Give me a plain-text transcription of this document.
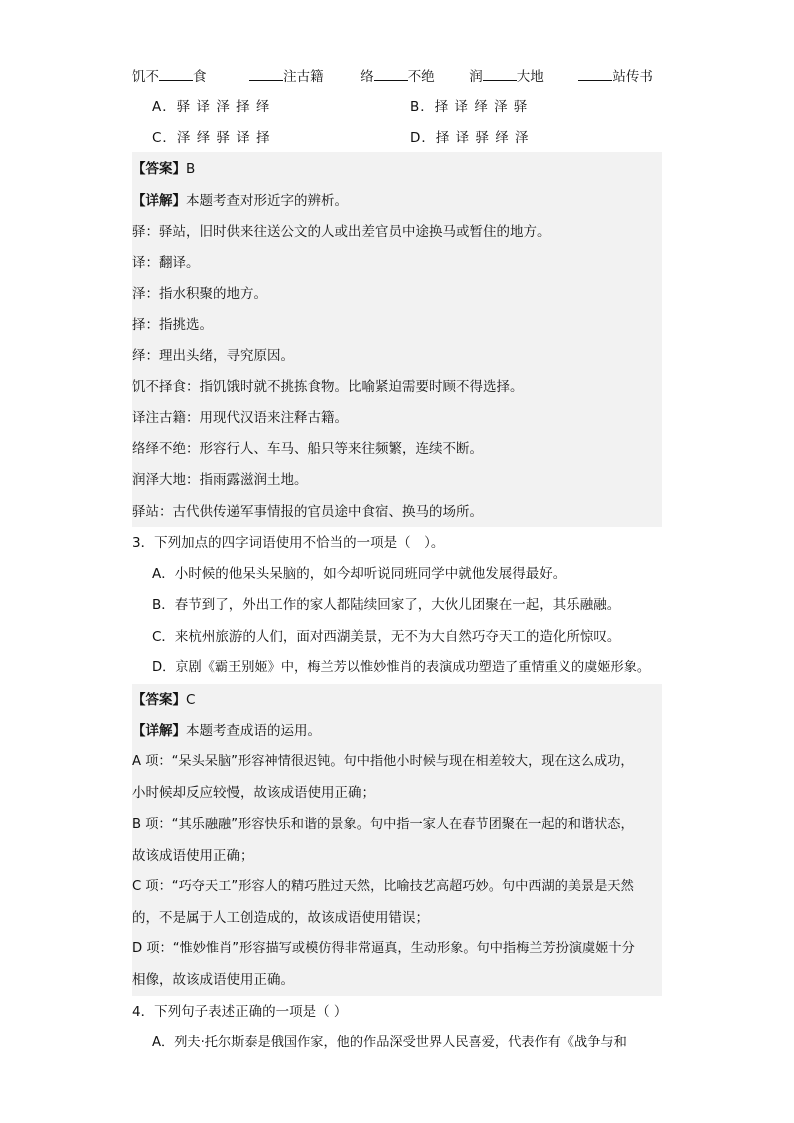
饥不	食	注古籍	络	不绝	润	大地	站传书
A．驿 译 泽 择 绎	B．择 译 绎 泽 驿
C．泽 绎 驿 译 择	D．择 译 驿 绎 泽
【答案】B
【详解】本题考查对形近字的辨析。
驿：驿站，旧时供来往送公文的人或出差官员中途换马或暂住的地方。
译：翻译。
泽：指水积聚的地方。
择：指挑选。
绎：理出头绪，寻究原因。
饥不择食：指饥饿时就不挑拣食物。比喻紧迫需要时顾不得选择。
译注古籍：用现代汉语来注释古籍。
络绎不绝：形容行人、车马、船只等来往频繁，连续不断。
润泽大地：指雨露滋润土地。
驿站：古代供传递军事情报的官员途中食宿、换马的场所。
3．下列加点的四字词语使用不恰当的一项是（　）。
A．小时候的他呆头呆脑的，如今却听说同班同学中就他发展得最好。
B．春节到了，外出工作的家人都陆续回家了，大伙儿团聚在一起，其乐融融。
C．来杭州旅游的人们，面对西湖美景，无不为大自然巧夺天工的造化所惊叹。
D．京剧《霸王别姬》中，梅兰芳以惟妙惟肖的表演成功塑造了重情重义的虞姬形象。
【答案】C
【详解】本题考查成语的运用。
A 项：“呆头呆脑”形容神情很迟钝。句中指他小时候与现在相差较大，现在这么成功，
小时候却反应较慢，故该成语使用正确；
B 项：“其乐融融”形容快乐和谐的景象。句中指一家人在春节团聚在一起的和谐状态，
故该成语使用正确；
C 项：“巧夺天工”形容人的精巧胜过天然，比喻技艺高超巧妙。句中西湖的美景是天然
的，不是属于人工创造成的，故该成语使用错误；
D 项：“惟妙惟肖”形容描写或模仿得非常逼真，生动形象。句中指梅兰芳扮演虞姬十分
相像，故该成语使用正确。
4．下列句子表述正确的一项是（ ）
A．列夫·托尔斯泰是俄国作家，他的作品深受世界人民喜爱，代表作有《战争与和
